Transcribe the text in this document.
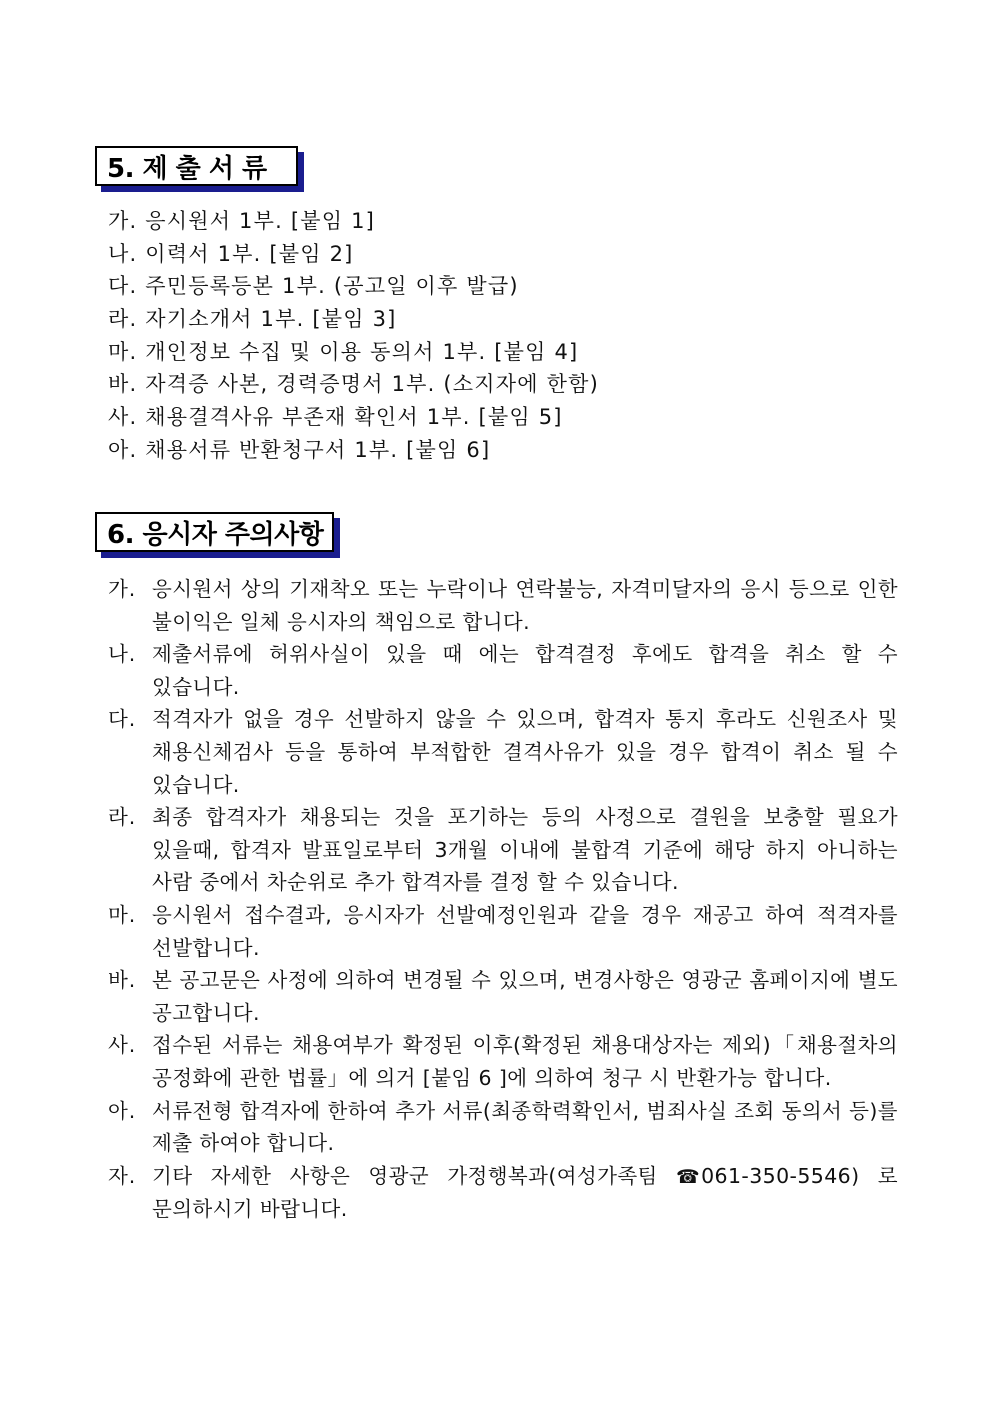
5. 제 출 서 류
가. 응시원서 1부. [붙임 1]
나. 이력서 1부. [붙임 2]
다. 주민등록등본 1부. (공고일 이후 발급)
라. 자기소개서 1부. [붙임 3]
마. 개인정보 수집 및 이용 동의서 1부. [붙임 4]
바. 자격증 사본, 경력증명서 1부. (소지자에 한함)
사. 채용결격사유 부존재 확인서 1부. [붙임 5]
아. 채용서류 반환청구서 1부. [붙임 6]
6. 응시자 주의사항
가. 응시원서 상의 기재착오 또는 누락이나 연락불능, 자격미달자의 응시 등으로 인한 불이익은 일체 응시자의 책임으로 합니다.
나. 제출서류에 허위사실이 있을 때 에는 합격결정 후에도 합격을 취소 할 수 있습니다.
다. 적격자가 없을 경우 선발하지 않을 수 있으며, 합격자 통지 후라도 신원조사 및 채용신체검사 등을 통하여 부적합한 결격사유가 있을 경우 합격이 취소 될 수 있습니다.
라. 최종 합격자가 채용되는 것을 포기하는 등의 사정으로 결원을 보충할 필요가 있을때, 합격자 발표일로부터 3개월 이내에 불합격 기준에 해당 하지 아니하는 사람 중에서 차순위로 추가 합격자를 결정 할 수 있습니다.
마. 응시원서 접수결과, 응시자가 선발예정인원과 같을 경우 재공고 하여 적격자를 선발합니다.
바. 본 공고문은 사정에 의하여 변경될 수 있으며, 변경사항은 영광군 홈페이지에 별도 공고합니다.
사. 접수된 서류는 채용여부가 확정된 이후(확정된 채용대상자는 제외)「채용절차의 공정화에 관한 법률」에 의거 [붙임 6 ]에 의하여 청구 시 반환가능 합니다.
아. 서류전형 합격자에 한하여 추가 서류(최종학력확인서, 범죄사실 조회 동의서 등)를 제출 하여야 합니다.
자. 기타 자세한 사항은 영광군 가정행복과(여성가족팀 ☎061-350-5546) 로 문의하시기 바랍니다.
